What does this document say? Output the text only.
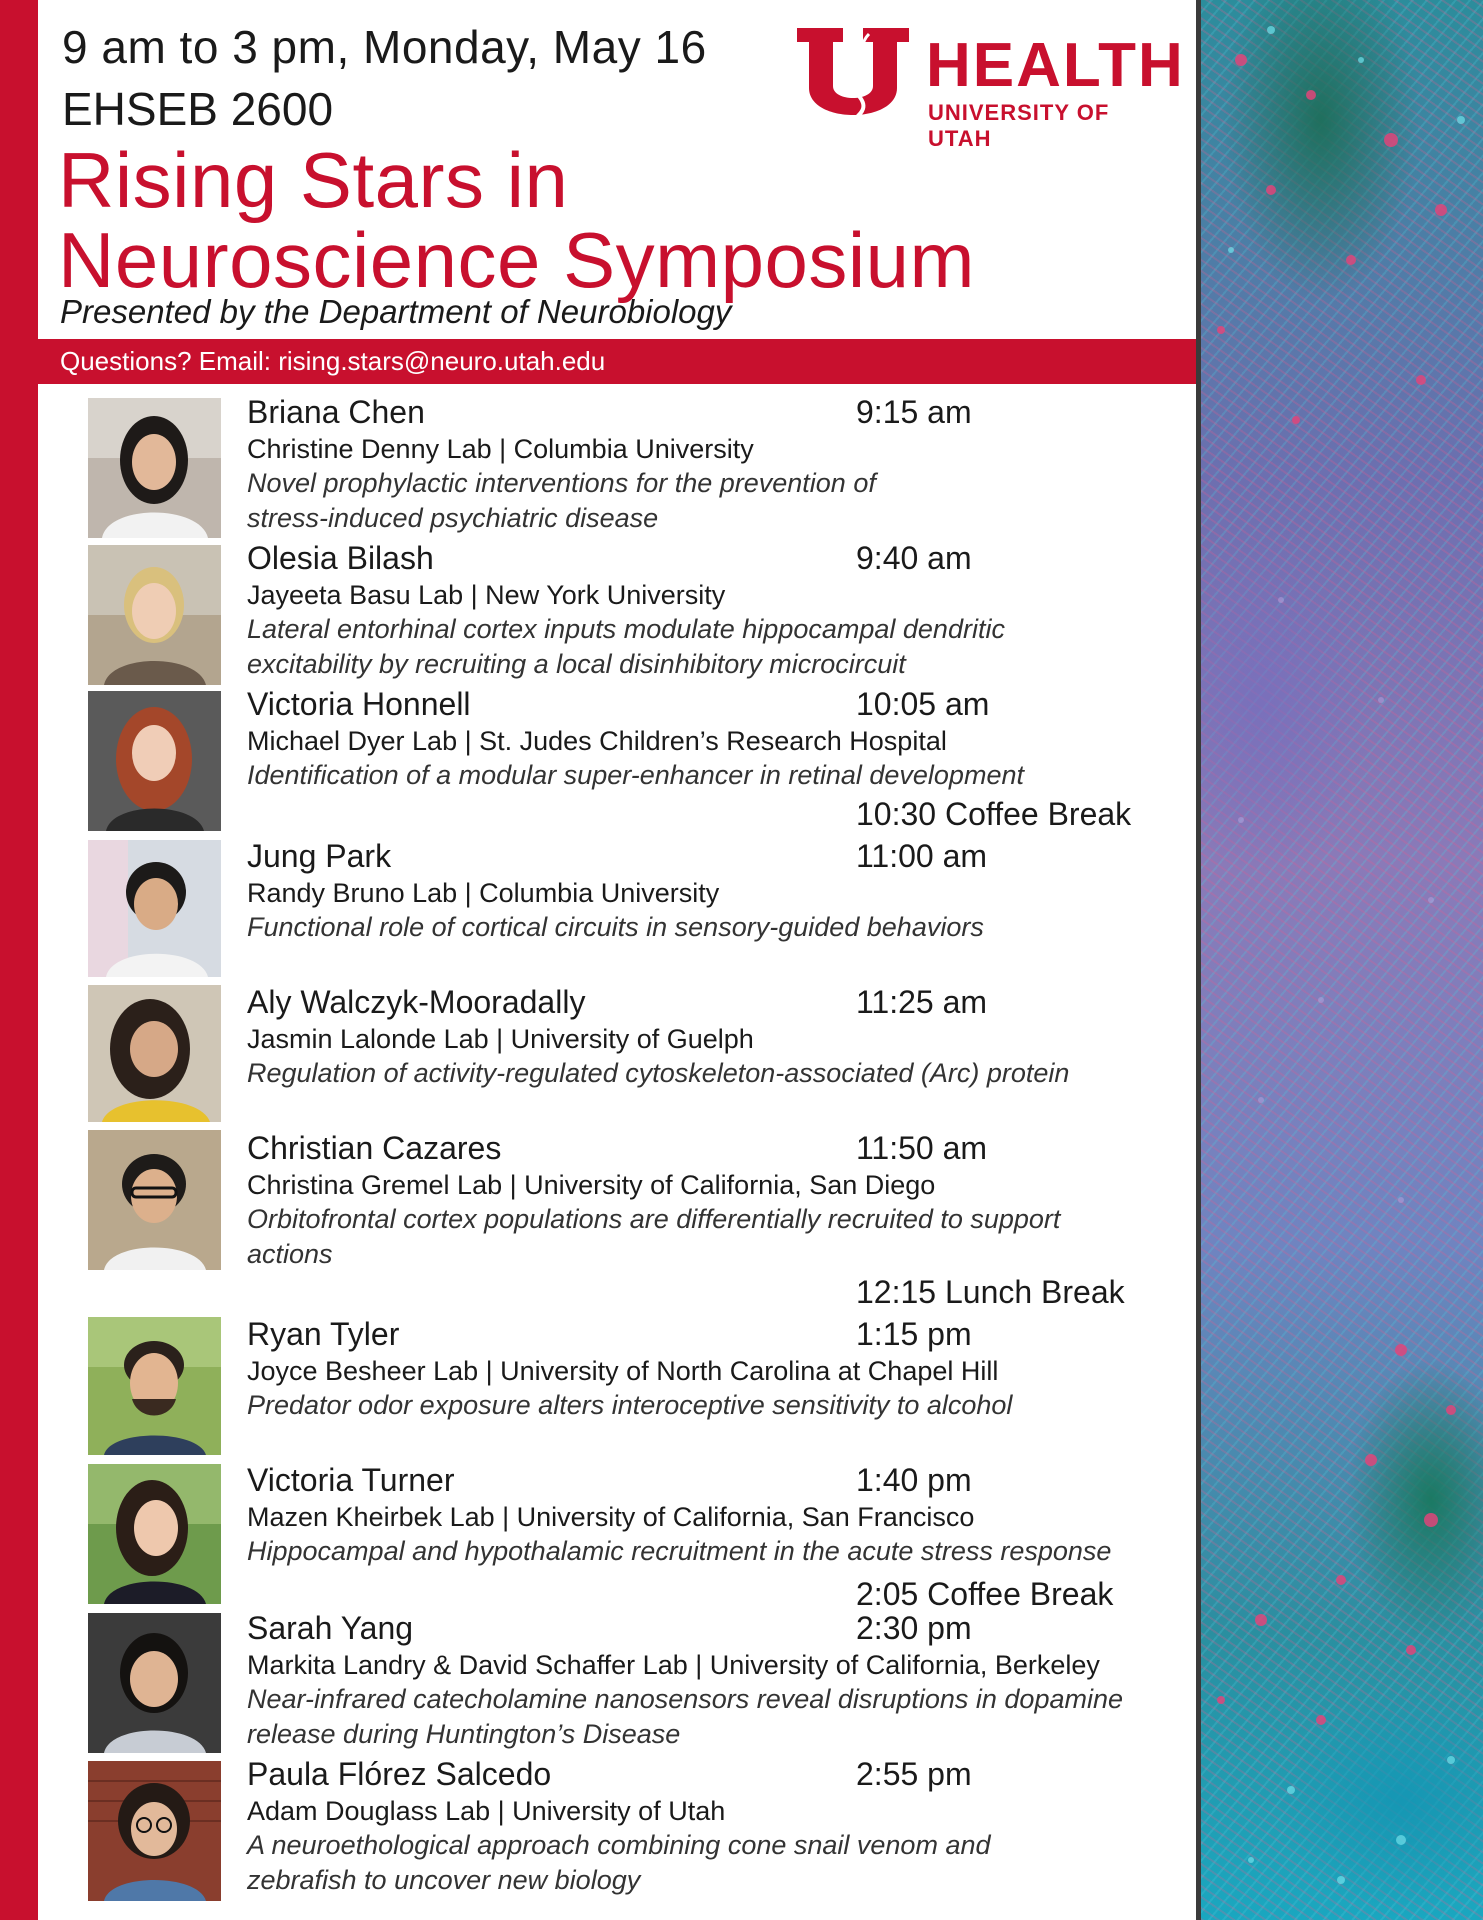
9 am to 3 pm, Monday, May 16
EHSEB 2600
HEALTH
UNIVERSITY OF UTAH
Rising Stars in
Neuroscience Symposium
Presented by the Department of Neurobiology
Questions? Email: rising.stars@neuro.utah.edu
Briana Chen	9:15 am
Christine Denny Lab | Columbia University
Novel prophylactic interventions for the prevention of
stress-induced psychiatric disease
Olesia Bilash	9:40 am
Jayeeta Basu Lab | New York University
Lateral entorhinal cortex inputs modulate hippocampal dendritic
excitability by recruiting a local disinhibitory microcircuit
Victoria Honnell	10:05 am
Michael Dyer Lab | St. Judes Children’s Research Hospital
Identification of a modular super-enhancer in retinal development
10:30 Coffee Break
Jung Park	11:00 am
Randy Bruno Lab | Columbia University
Functional role of cortical circuits in sensory-guided behaviors
Aly Walczyk-Mooradally	11:25 am
Jasmin Lalonde Lab | University of Guelph
Regulation of activity-regulated cytoskeleton-associated (Arc) protein
Christian Cazares	11:50 am
Christina Gremel Lab | University of California, San Diego
Orbitofrontal cortex populations are differentially recruited to support
actions
12:15 Lunch Break
Ryan Tyler	1:15 pm
Joyce Besheer Lab | University of North Carolina at Chapel Hill
Predator odor exposure alters interoceptive sensitivity to alcohol
Victoria Turner	1:40 pm
Mazen Kheirbek Lab | University of California, San Francisco
Hippocampal and hypothalamic recruitment in the acute stress response
2:05 Coffee Break
Sarah Yang	2:30 pm
Markita Landry & David Schaffer Lab | University of California, Berkeley
Near-infrared catecholamine nanosensors reveal disruptions in dopamine
release during Huntington’s Disease
Paula Flórez Salcedo	2:55 pm
Adam Douglass Lab | University of Utah
A neuroethological approach combining cone snail venom and
zebrafish to uncover new biology
